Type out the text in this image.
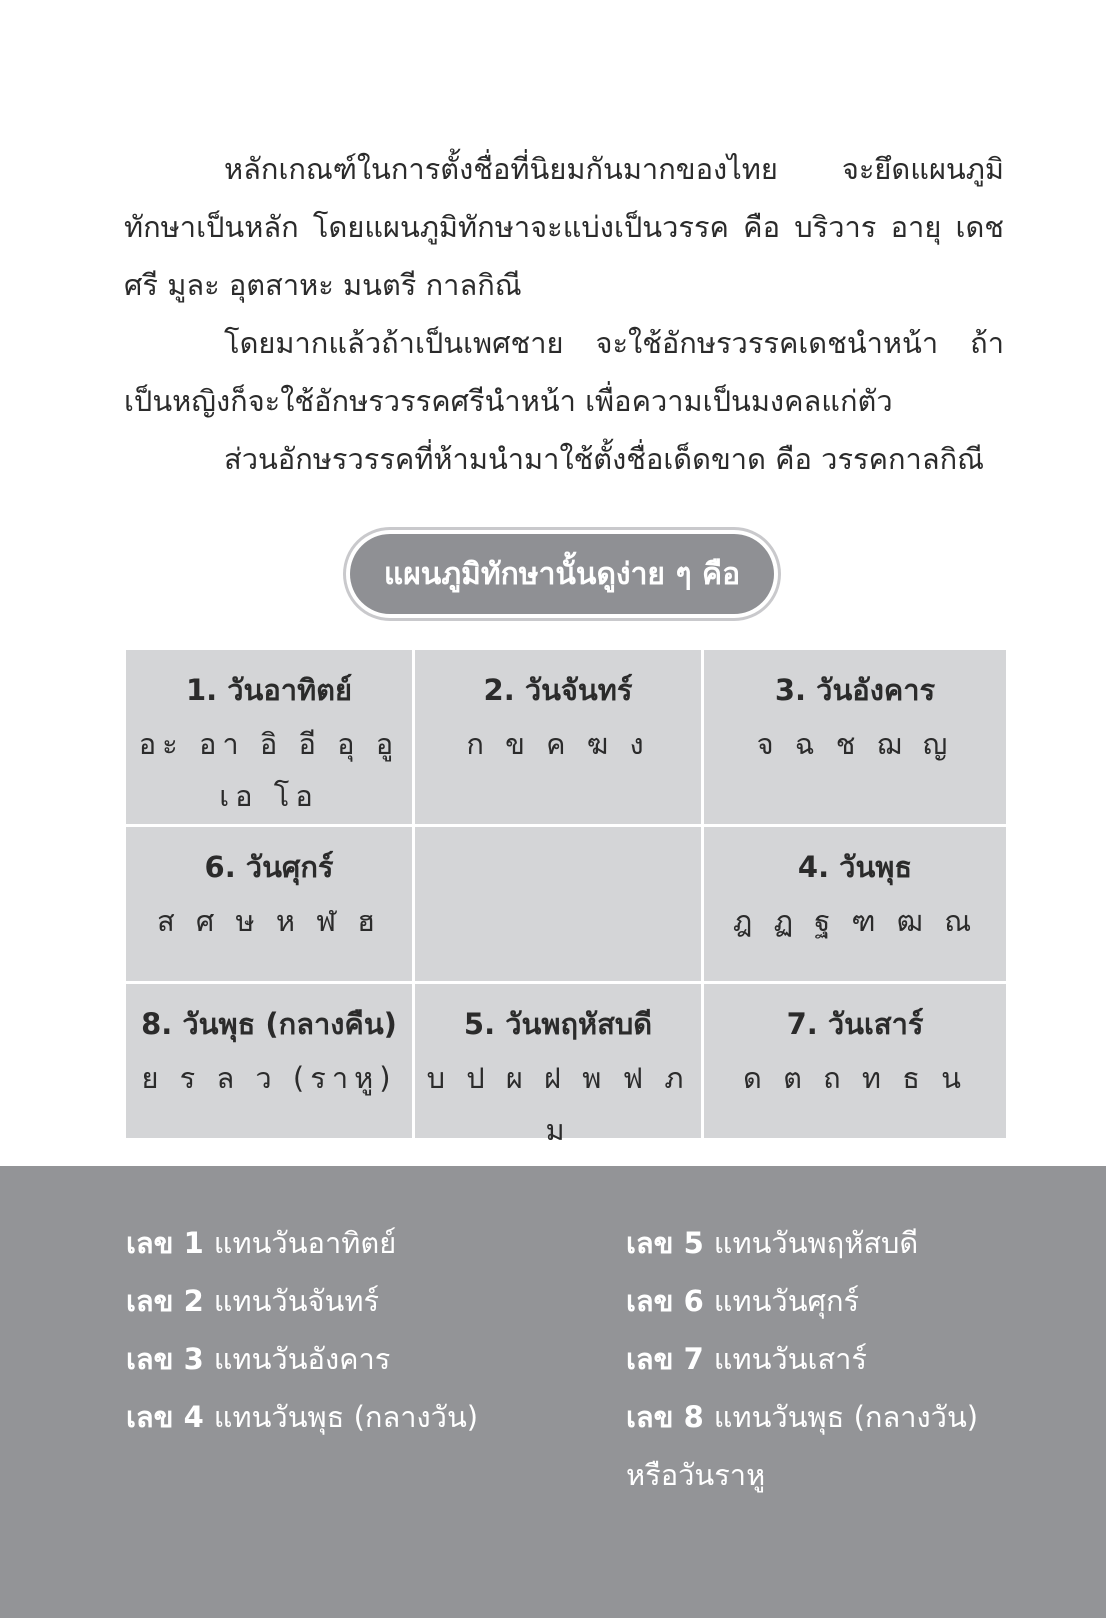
หลักเกณฑ์ในการตั้งชื่อที่นิยมกันมากของไทย จะยึดแผนภูมิทักษาเป็นหลัก โดยแผนภูมิทักษาจะแบ่งเป็นวรรค คือ บริวาร อายุ เดช ศรี มูละ อุตสาหะ มนตรี กาลกิณี

โดยมากแล้วถ้าเป็นเพศชาย จะใช้อักษรวรรคเดชนำหน้า ถ้าเป็นหญิงก็จะใช้อักษรวรรคศรีนำหน้า เพื่อความเป็นมงคลแก่ตัว

ส่วนอักษรวรรคที่ห้ามนำมาใช้ตั้งชื่อเด็ดขาด คือ วรรคกาลกิณี

แผนภูมิทักษานั้นดูง่าย ๆ คือ
1. วันอาทิตย์
อะ อา อิ อี อุ อู เอ โอ
2. วันจันทร์
ก ข ค ฆ ง
3. วันอังคาร
จ ฉ ช ฌ ญ
6. วันศุกร์
ส ศ ษ ห ฬ ฮ
4. วันพุธ
ฎ ฏ ฐ ฑ ฒ ณ
8. วันพุธ (กลางคืน)
ย ร ล ว (ราหู)
5. วันพฤหัสบดี
บ ป ผ ฝ พ ฟ ภ ม
7. วันเสาร์
ด ต ถ ท ธ น

เลข 1 แทนวันอาทิตย์

เลข 2 แทนวันจันทร์

เลข 3 แทนวันอังคาร

เลข 4 แทนวันพุธ (กลางวัน)

เลข 5 แทนวันพฤหัสบดี

เลข 6 แทนวันศุกร์

เลข 7 แทนวันเสาร์

เลข 8 แทนวันพุธ (กลางวัน) หรือวันราหู
